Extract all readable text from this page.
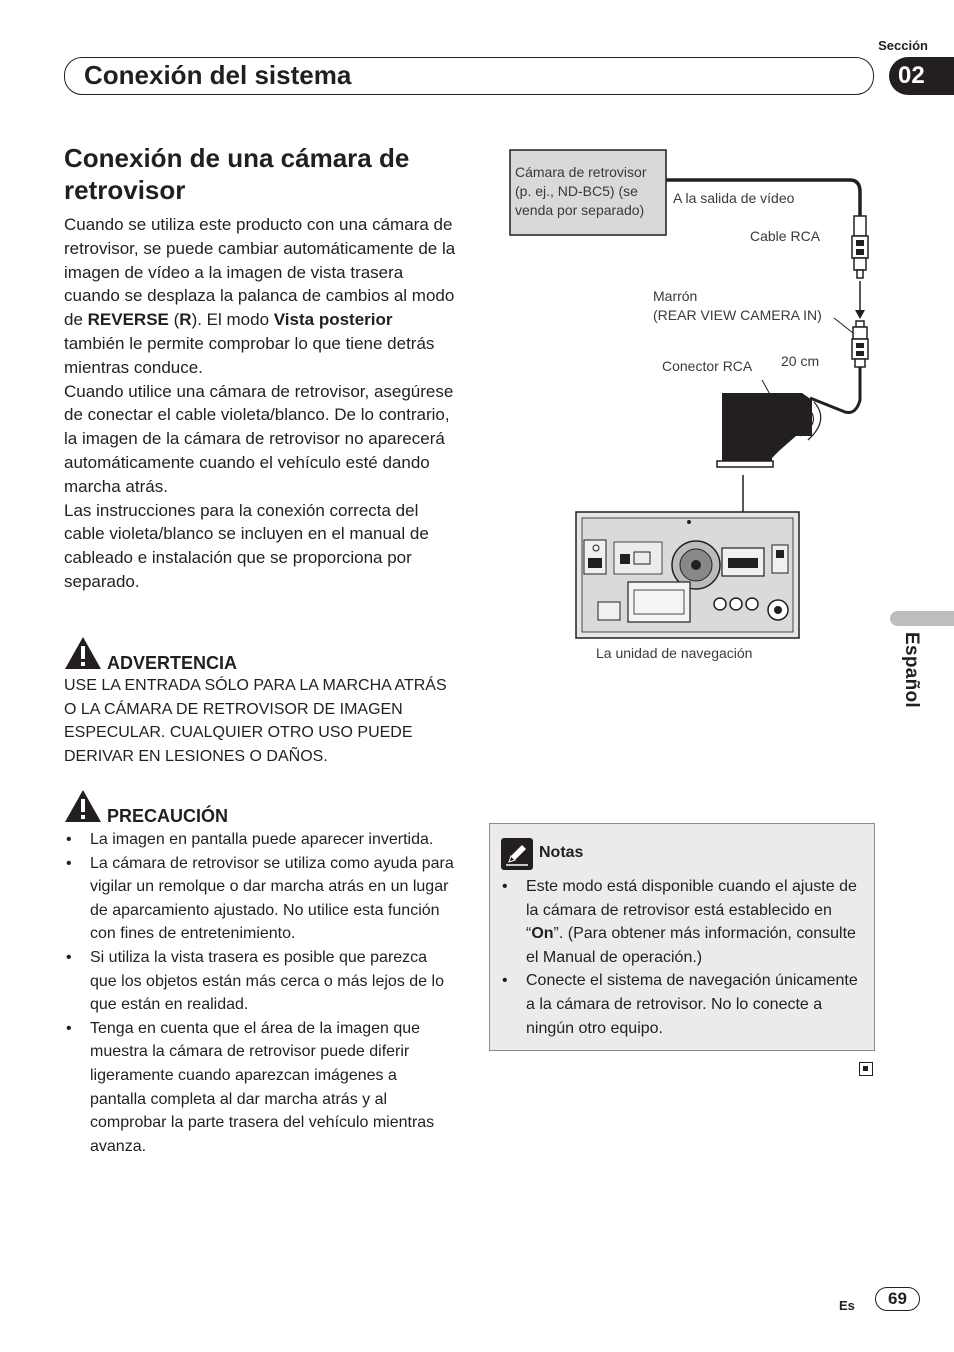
Sección
Conexión del sistema	02
Español
Conexión de una cámara de
retrovisor

Cuando se utiliza este producto con una cámara de retrovisor, se puede cambiar automáticamente de la imagen de vídeo a la imagen de vista trasera cuando se desplaza la palanca de cambios al modo de REVERSE (R). El modo Vista posterior también le permite comprobar lo que tiene detrás mientras conduce.

Cuando utilice una cámara de retrovisor, asegúrese de conectar el cable violeta/blanco. De lo contrario, la imagen de la cámara de retrovisor no aparecerá automáticamente cuando el vehículo esté dando marcha atrás.

Las instrucciones para la conexión correcta del cable violeta/blanco se incluyen en el manual de cableado e instalación que se proporciona por separado.

ADVERTENCIA
USE LA ENTRADA SÓLO PARA LA MARCHA ATRÁS O LA CÁMARA DE RETROVISOR DE IMAGEN ESPECULAR. CUALQUIER OTRO USO PUEDE DERIVAR EN LESIONES O DAÑOS.
PRECAUCIÓN
• La imagen en pantalla puede aparecer invertida.
• La cámara de retrovisor se utiliza como ayuda para vigilar un remolque o dar marcha atrás en un lugar de aparcamiento ajustado. No utilice esta función con fines de entretenimiento.
• Si utiliza la vista trasera es posible que parezca que los objetos están más cerca o más lejos de lo que están en realidad.
• Tenga en cuenta que el área de la imagen que muestra la cámara de retrovisor puede diferir ligeramente cuando aparezcan imágenes a pantalla completa al dar marcha atrás y al comprobar la parte trasera del vehículo mientras avanza.
Cámara de retrovisor
(p. ej., ND-BC5) (se
venda por separado)
A la salida de vídeo
Cable RCA
Marrón
(REAR VIEW CAMERA IN)
20 cm
Conector RCA
La unidad de navegación
Notas
• Este modo está disponible cuando el ajuste de la cámara de retrovisor está establecido en “On”. (Para obtener más información, consulte el Manual de operación.)
• Conecte el sistema de navegación únicamente a la cámara de retrovisor. No lo conecte a ningún otro equipo.
Es	69
